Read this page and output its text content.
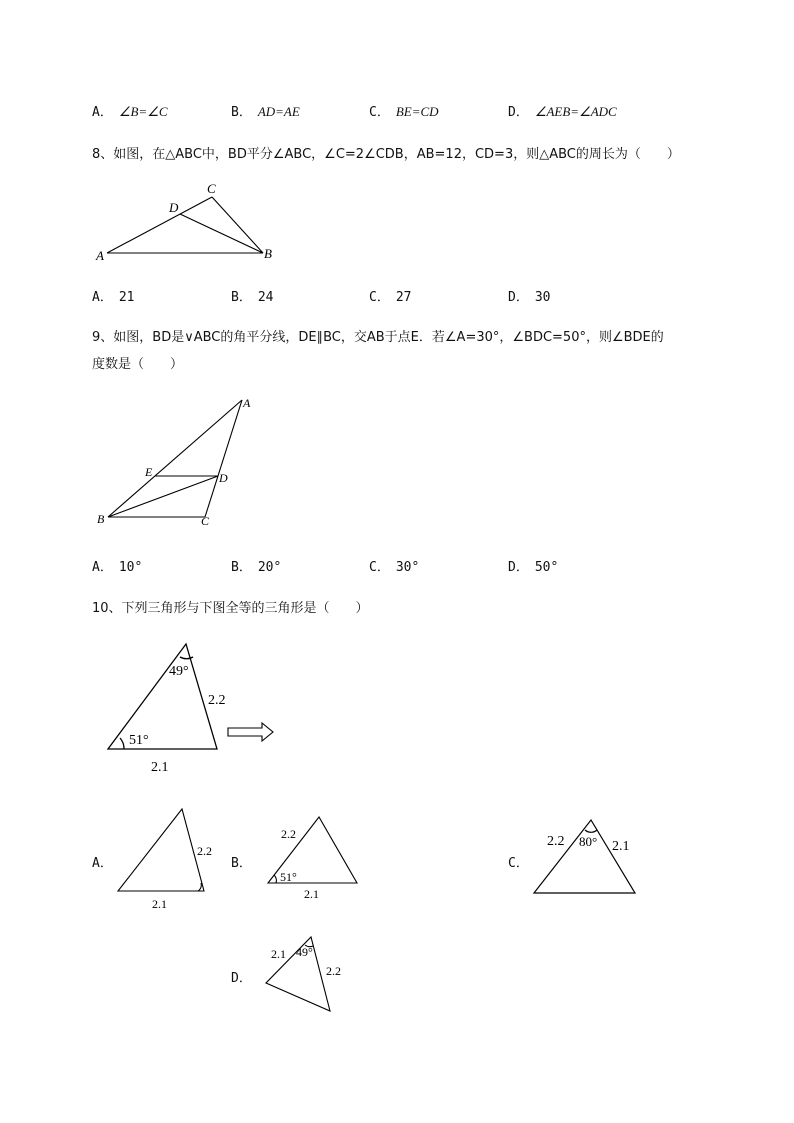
A． ∠B=∠C	B． AD=AE	C． BE=CD	D． ∠AEB=∠ADC
8、如图，在△ABC中，BD平分∠ABC，∠C=2∠CDB，AB=12，CD=3，则△ABC的周长为（　　）
A	B
C
D
A
B	C
D
E
49°
51°
2.2
2.1
2.2
2.1
2.2
51°
2.1
2.2 80° 2.1
2.1 49°
2.2
A． 21	B． 24	C． 27	D． 30
9、如图，BD是∨ABC的角平分线，DE∥BC，交AB于点E．若∠A=30°，∠BDC=50°，则∠BDE的
度数是（　　）
A． 10°	B． 20°	C． 30°	D． 50°
10、下列三角形与下图全等的三角形是（　　）
A．	B．	C．
D．
